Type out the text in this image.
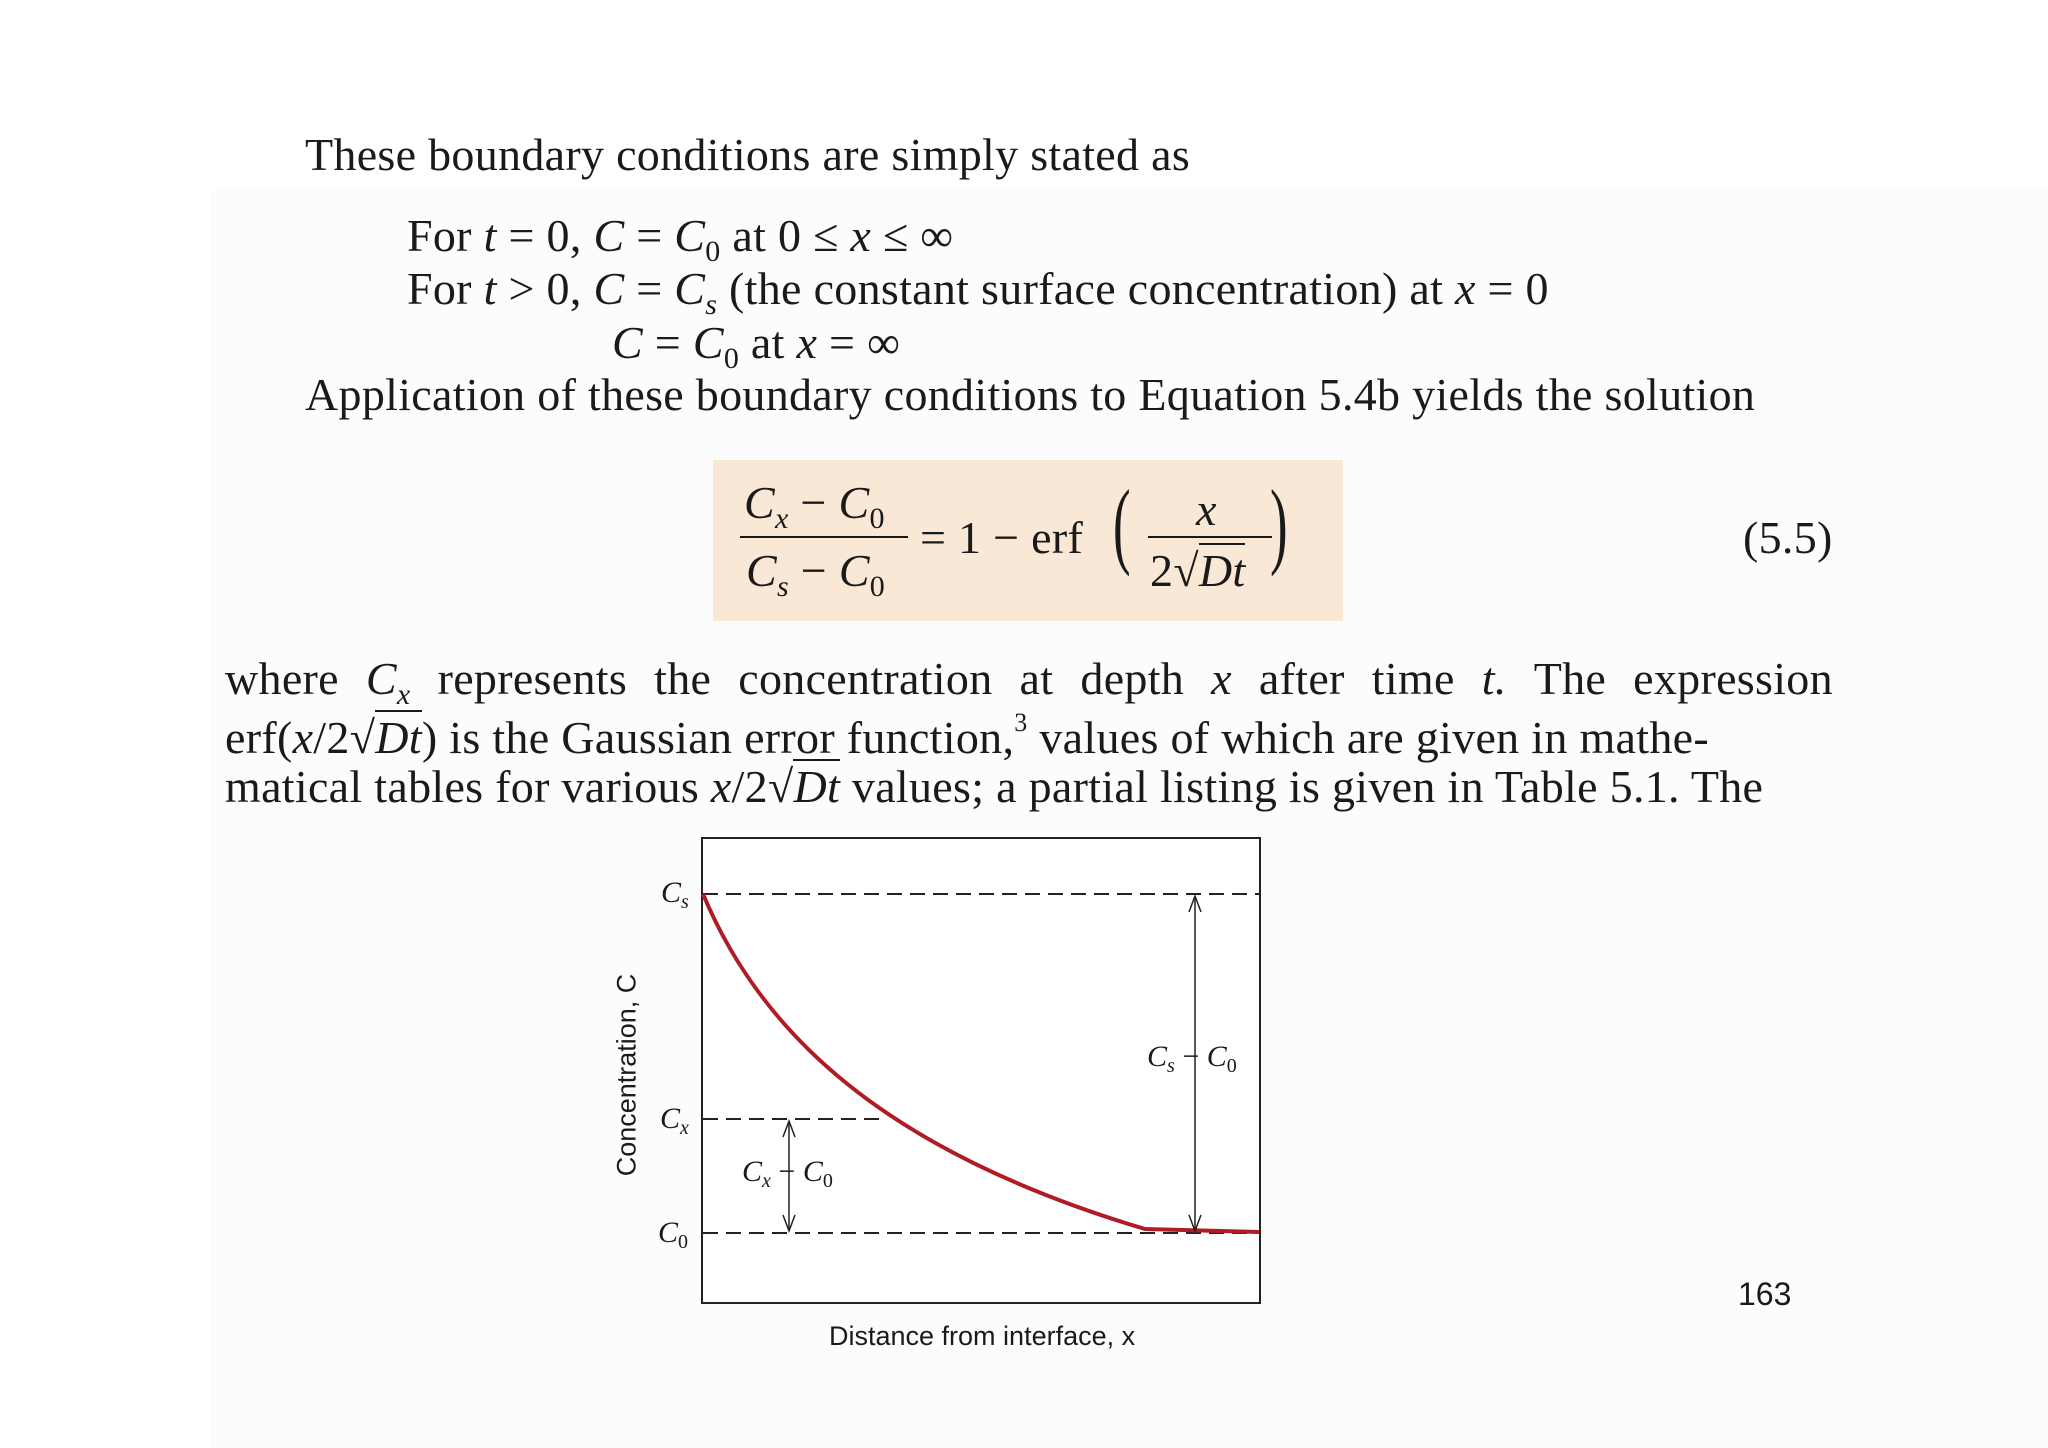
These boundary conditions are simply stated as
For t = 0, $C = C_0$ at 0 ≤ x ≤ ∞
For t > 0, $C = C_s$ (the constant surface concentration) at x = 0
$C = C_0$ at x = ∞
Application of these boundary conditions to Equation 5.4b yields the solution
$C_x - C_0$
$C_s - C_0$
= 1 − erf ( x
2√Dt )	(5.5)
where $C_x$ represents the concentration at depth x after time t. The expression
erf(x/2√Dt) is the Gaussian error function,$^3$ values of which are given in mathe-
matical tables for various x/2√Dt values; a partial listing is given in Table 5.1. The
$C_s$
$C_x$
$C_0$
$C_s - C_0$
$C_x - C_0$
Concentration, C
Distance from interface, x
163
